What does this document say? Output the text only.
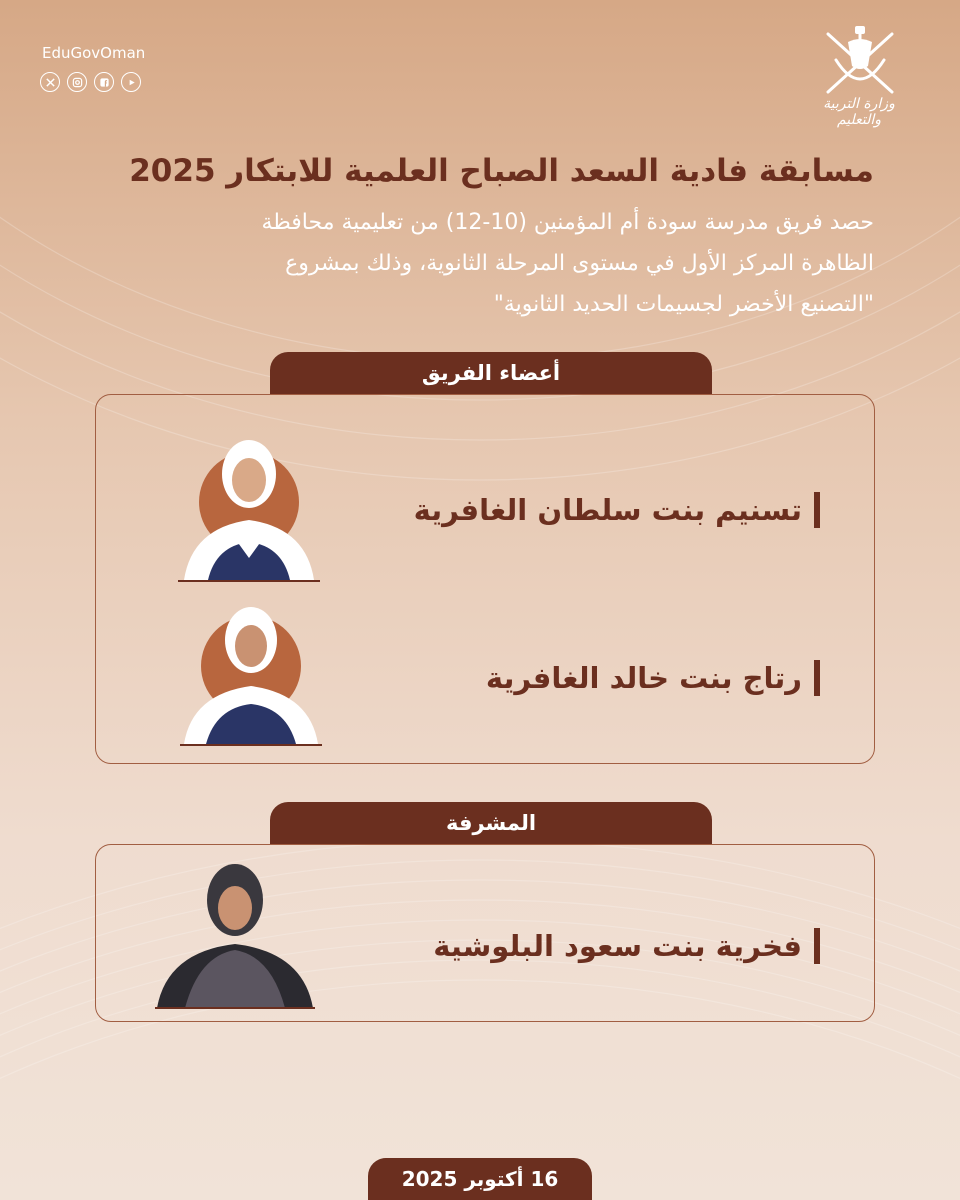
EduGovOman
وزارة التربية والتعليم
مسابقة فادية السعد الصباح العلمية للابتكار 2025
حصد فريق مدرسة سودة أم المؤمنين (10-12) من تعليمية محافظة
الظاهرة المركز الأول في مستوى المرحلة الثانوية، وذلك بمشروع
"التصنيع الأخضر لجسيمات الحديد الثانوية"
أعضاء الفريق
تسنيم بنت سلطان الغافرية
رتاج بنت خالد الغافرية
المشرفة
فخرية بنت سعود البلوشية
16 أكتوبر 2025
